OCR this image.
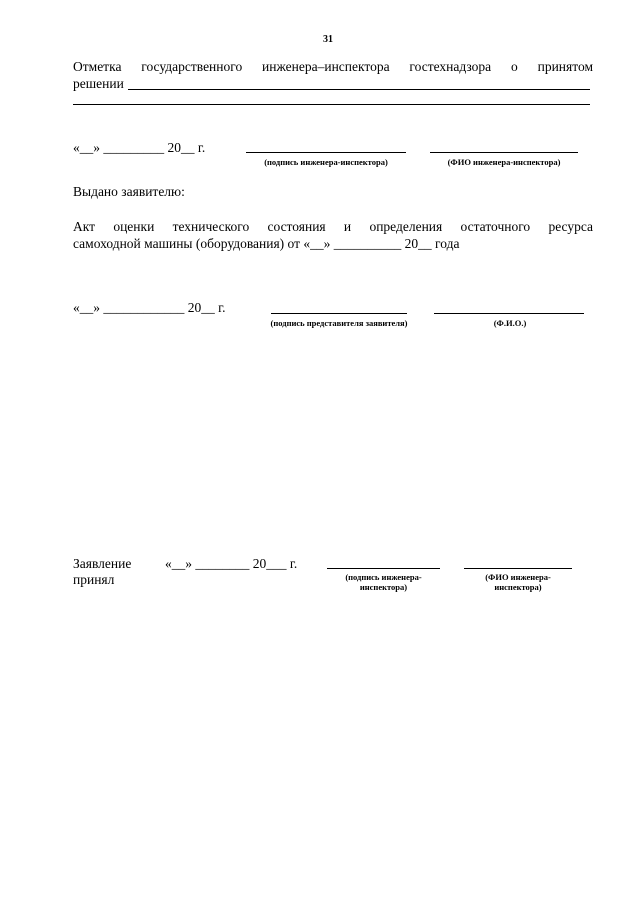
31
Отметка государственного инженера–инспектора гостехнадзора о принятом
решении
«__» _________ 20__ г.
(подпись инженера-инспектора)	(ФИО инженера-инспектора)
Выдано заявителю:
Акт оценки технического состояния и определения остаточного ресурса
самоходной машины (оборудования) от «__» __________ 20__ года
«__» ____________ 20__ г.
(подпись представителя заявителя)	(Ф.И.О.)
Заявление
принял
«__» ________ 20___ г.
(подпись инженера-инспектора)
(ФИО инженера-инспектора)
